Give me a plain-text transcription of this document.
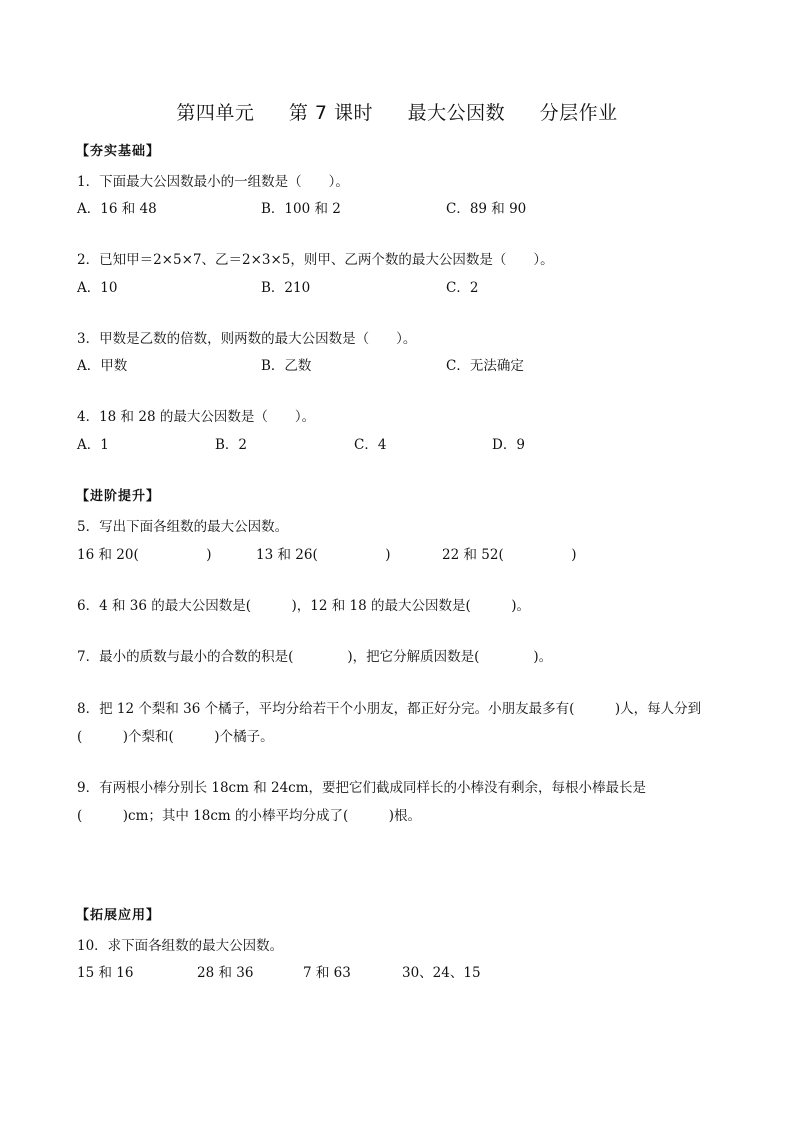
第四单元 第 7 课时 最大公因数 分层作业
【夯实基础】
1．下面最大公因数最小的一组数是（　　）。
A．16 和 48	B．100 和 2	C．89 和 90
2．已知甲＝2×5×7、乙＝2×3×5，则甲、乙两个数的最大公因数是（　　）。
A．10	B．210	C．2
3．甲数是乙数的倍数，则两数的最大公因数是（　　）。
A．甲数	B．乙数	C．无法确定
4．18 和 28 的最大公因数是（　　）。
A．1	B．2	C．4	D．9
【进阶提升】
5．写出下面各组数的最大公因数。
16 和 20(　　　　　)	13 和 26(　　　　　)	22 和 52(　　　　　)
6．4 和 36 的最大公因数是(　　　)，12 和 18 的最大公因数是(　　　)。
7．最小的质数与最小的合数的积是(　　　　)，把它分解质因数是(　　　　)。
8．把 12 个梨和 36 个橘子，平均分给若干个小朋友，都正好分完。小朋友最多有(　　　)人，每人分到
(　　　)个梨和(　　　)个橘子。
9．有两根小棒分别长 18cm 和 24cm，要把它们截成同样长的小棒没有剩余，每根小棒最长是
(　　　)cm；其中 18cm 的小棒平均分成了(　　　)根。
【拓展应用】
10．求下面各组数的最大公因数。
15 和 16	28 和 36	7 和 63	30、24、15
